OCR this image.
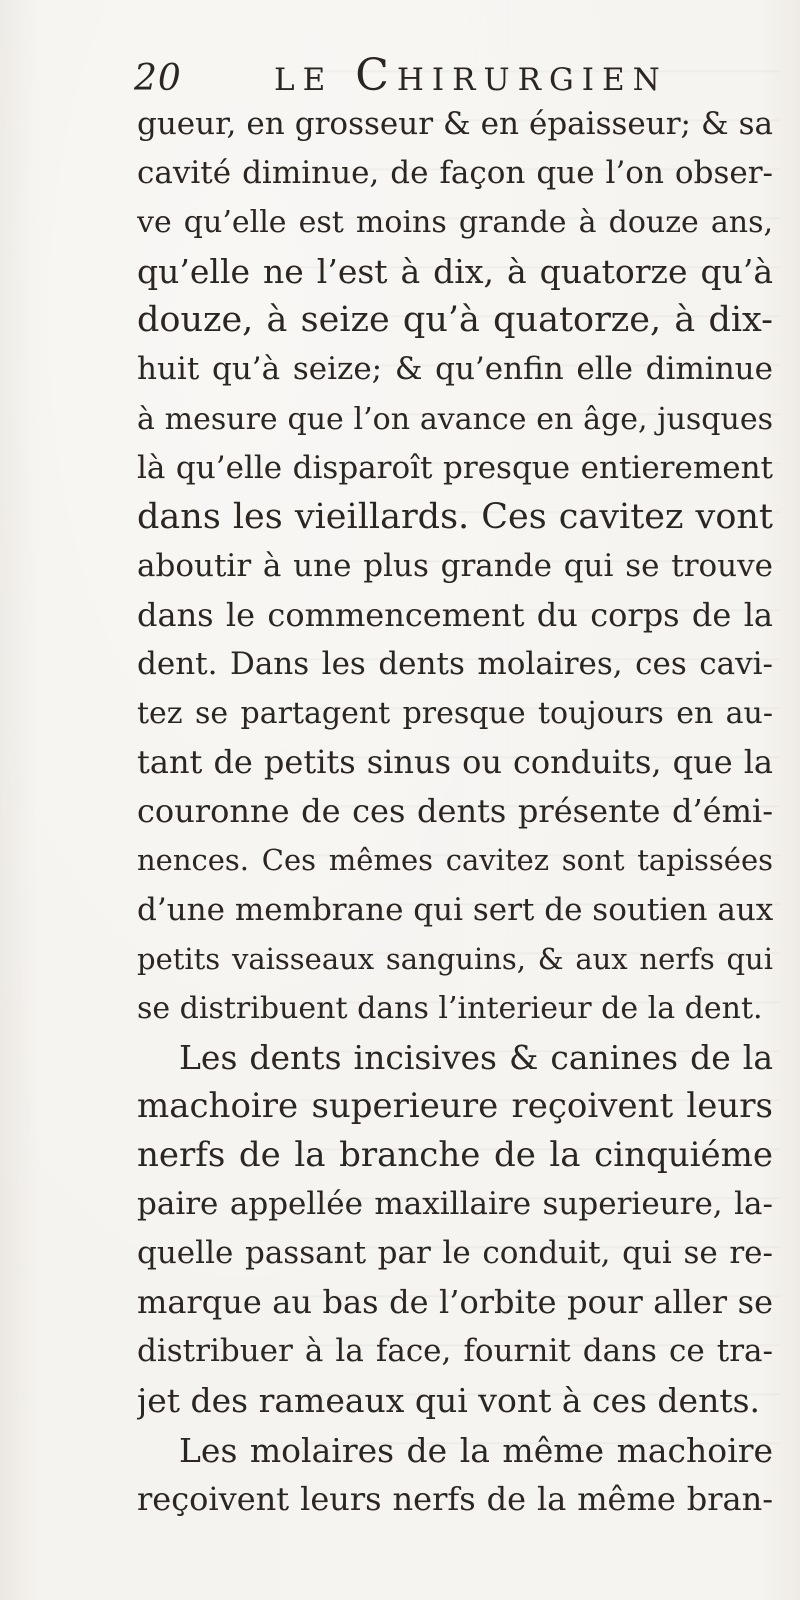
20 le Chirurgien
gueur, en grosseur & en épaisseur; & sa
cavité diminue, de façon que l’on obser-
ve qu’elle est moins grande à douze ans,
qu’elle ne l’est à dix, à quatorze qu’à
douze, à seize qu’à quatorze, à dix-
huit qu’à seize; & qu’enfin elle diminue
à mesure que l’on avance en âge, jusques
là qu’elle disparoît presque entierement
dans les vieillards. Ces cavitez vont
aboutir à une plus grande qui se trouve
dans le commencement du corps de la
dent. Dans les dents molaires, ces cavi-
tez se partagent presque toujours en au-
tant de petits sinus ou conduits, que la
couronne de ces dents présente d’émi-
nences. Ces mêmes cavitez sont tapissées
d’une membrane qui sert de soutien aux
petits vaisseaux sanguins, & aux nerfs qui
se distribuent dans l’interieur de la dent.
Les dents incisives & canines de la
machoire superieure reçoivent leurs
nerfs de la branche de la cinquiéme
paire appellée maxillaire superieure, la-
quelle passant par le conduit, qui se re-
marque au bas de l’orbite pour aller se
distribuer à la face, fournit dans ce tra-
jet des rameaux qui vont à ces dents.
Les molaires de la même machoire
reçoivent leurs nerfs de la même bran-
